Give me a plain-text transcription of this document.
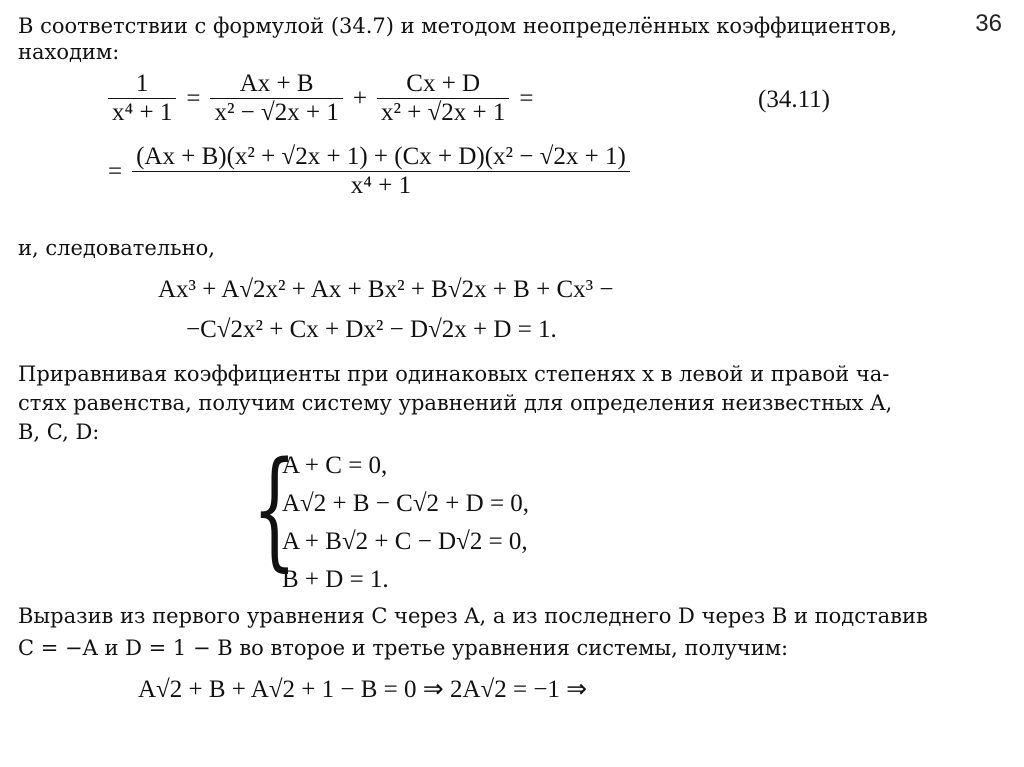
36
В соответствии с формулой (34.7) и методом неопределённых коэффициентов,
находим:
$\frac{1}{\text{x⁴ + 1}} = \frac{Ax + B}{\text{x² − √2x + 1}} + \frac{Cx + D}{\text{x² + √2x + 1}}$ =	(34.11)
= $\frac{\text{(Ax + B)(x² + √2x + 1) + (Cx + D)(x² − √2x + 1)}}{\text{x⁴ + 1}}$
и, следовательно,
Ax³ + A√2x² + Ax + Bx² + B√2x + B + Cx³ −
−C√2x² + Cx + Dx² − D√2x + D = 1.
Приравнивая коэффициенты при одинаковых степенях x в левой и правой ча-
стях равенства, получим систему уравнений для определения неизвестных A,
B, C, D:
{
A + C = 0,
A√2 + B − C√2 + D = 0,
A + B√2 + C − D√2 = 0,
B + D = 1.
Выразив из первого уравнения C через A, а из последнего D через B и подставив
C = −A и D = 1 − B во второе и третье уравнения системы, получим:
A√2 + B + A√2 + 1 − B = 0 ⇒ 2A√2 = −1 ⇒
